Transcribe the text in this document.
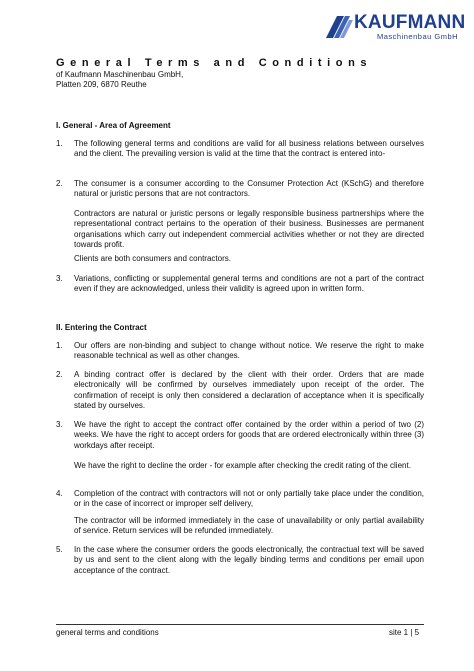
KAUFMANN
Maschinenbau GmbH
General Terms and Conditions
of Kaufmann Maschinenbau GmbH,
Platten 209, 6870 Reuthe
I. General - Area of Agreement
1. The following general terms and conditions are valid for all business relations between ourselves and the client. The prevailing version is valid at the time that the contract is entered into-

2. The consumer is a consumer according to the Consumer Protection Act (KSchG) and therefore natural or juristic persons that are not contractors.

Contractors are natural or juristic persons or legally responsible business partnerships where the representational contract pertains to the operation of their business. Businesses are permanent organisations which carry out independent commercial activities whether or not they are directed towards profit.

Clients are both consumers and contractors.

3. Variations, conflicting or supplemental general terms and conditions are not a part of the contract even if they are acknowledged, unless their validity is agreed upon in written form.

II. Entering the Contract
1. Our offers are non-binding and subject to change without notice. We reserve the right to make reasonable technical as well as other changes.

2. A binding contract offer is declared by the client with their order. Orders that are made electronically will be confirmed by ourselves immediately upon receipt of the order. The confirmation of receipt is only then considered a declaration of acceptance when it is specifically stated by ourselves.

3. We have the right to accept the contract offer contained by the order within a period of two (2) weeks. We have the right to accept orders for goods that are ordered electronically within three (3) workdays after receipt.

We have the right to decline the order - for example after checking the credit rating of the client.

4. Completion of the contract with contractors will not or only partially take place under the condition, or in the case of incorrect or improper self delivery,

The contractor will be informed immediately in the case of unavailability or only partial availability of service. Return services will be refunded immediately.

5. In the case where the consumer orders the goods electronically, the contractual text will be saved by us and sent to the client along with the legally binding terms and conditions per email upon acceptance of the contract.

general terms and conditions	site 1 | 5
